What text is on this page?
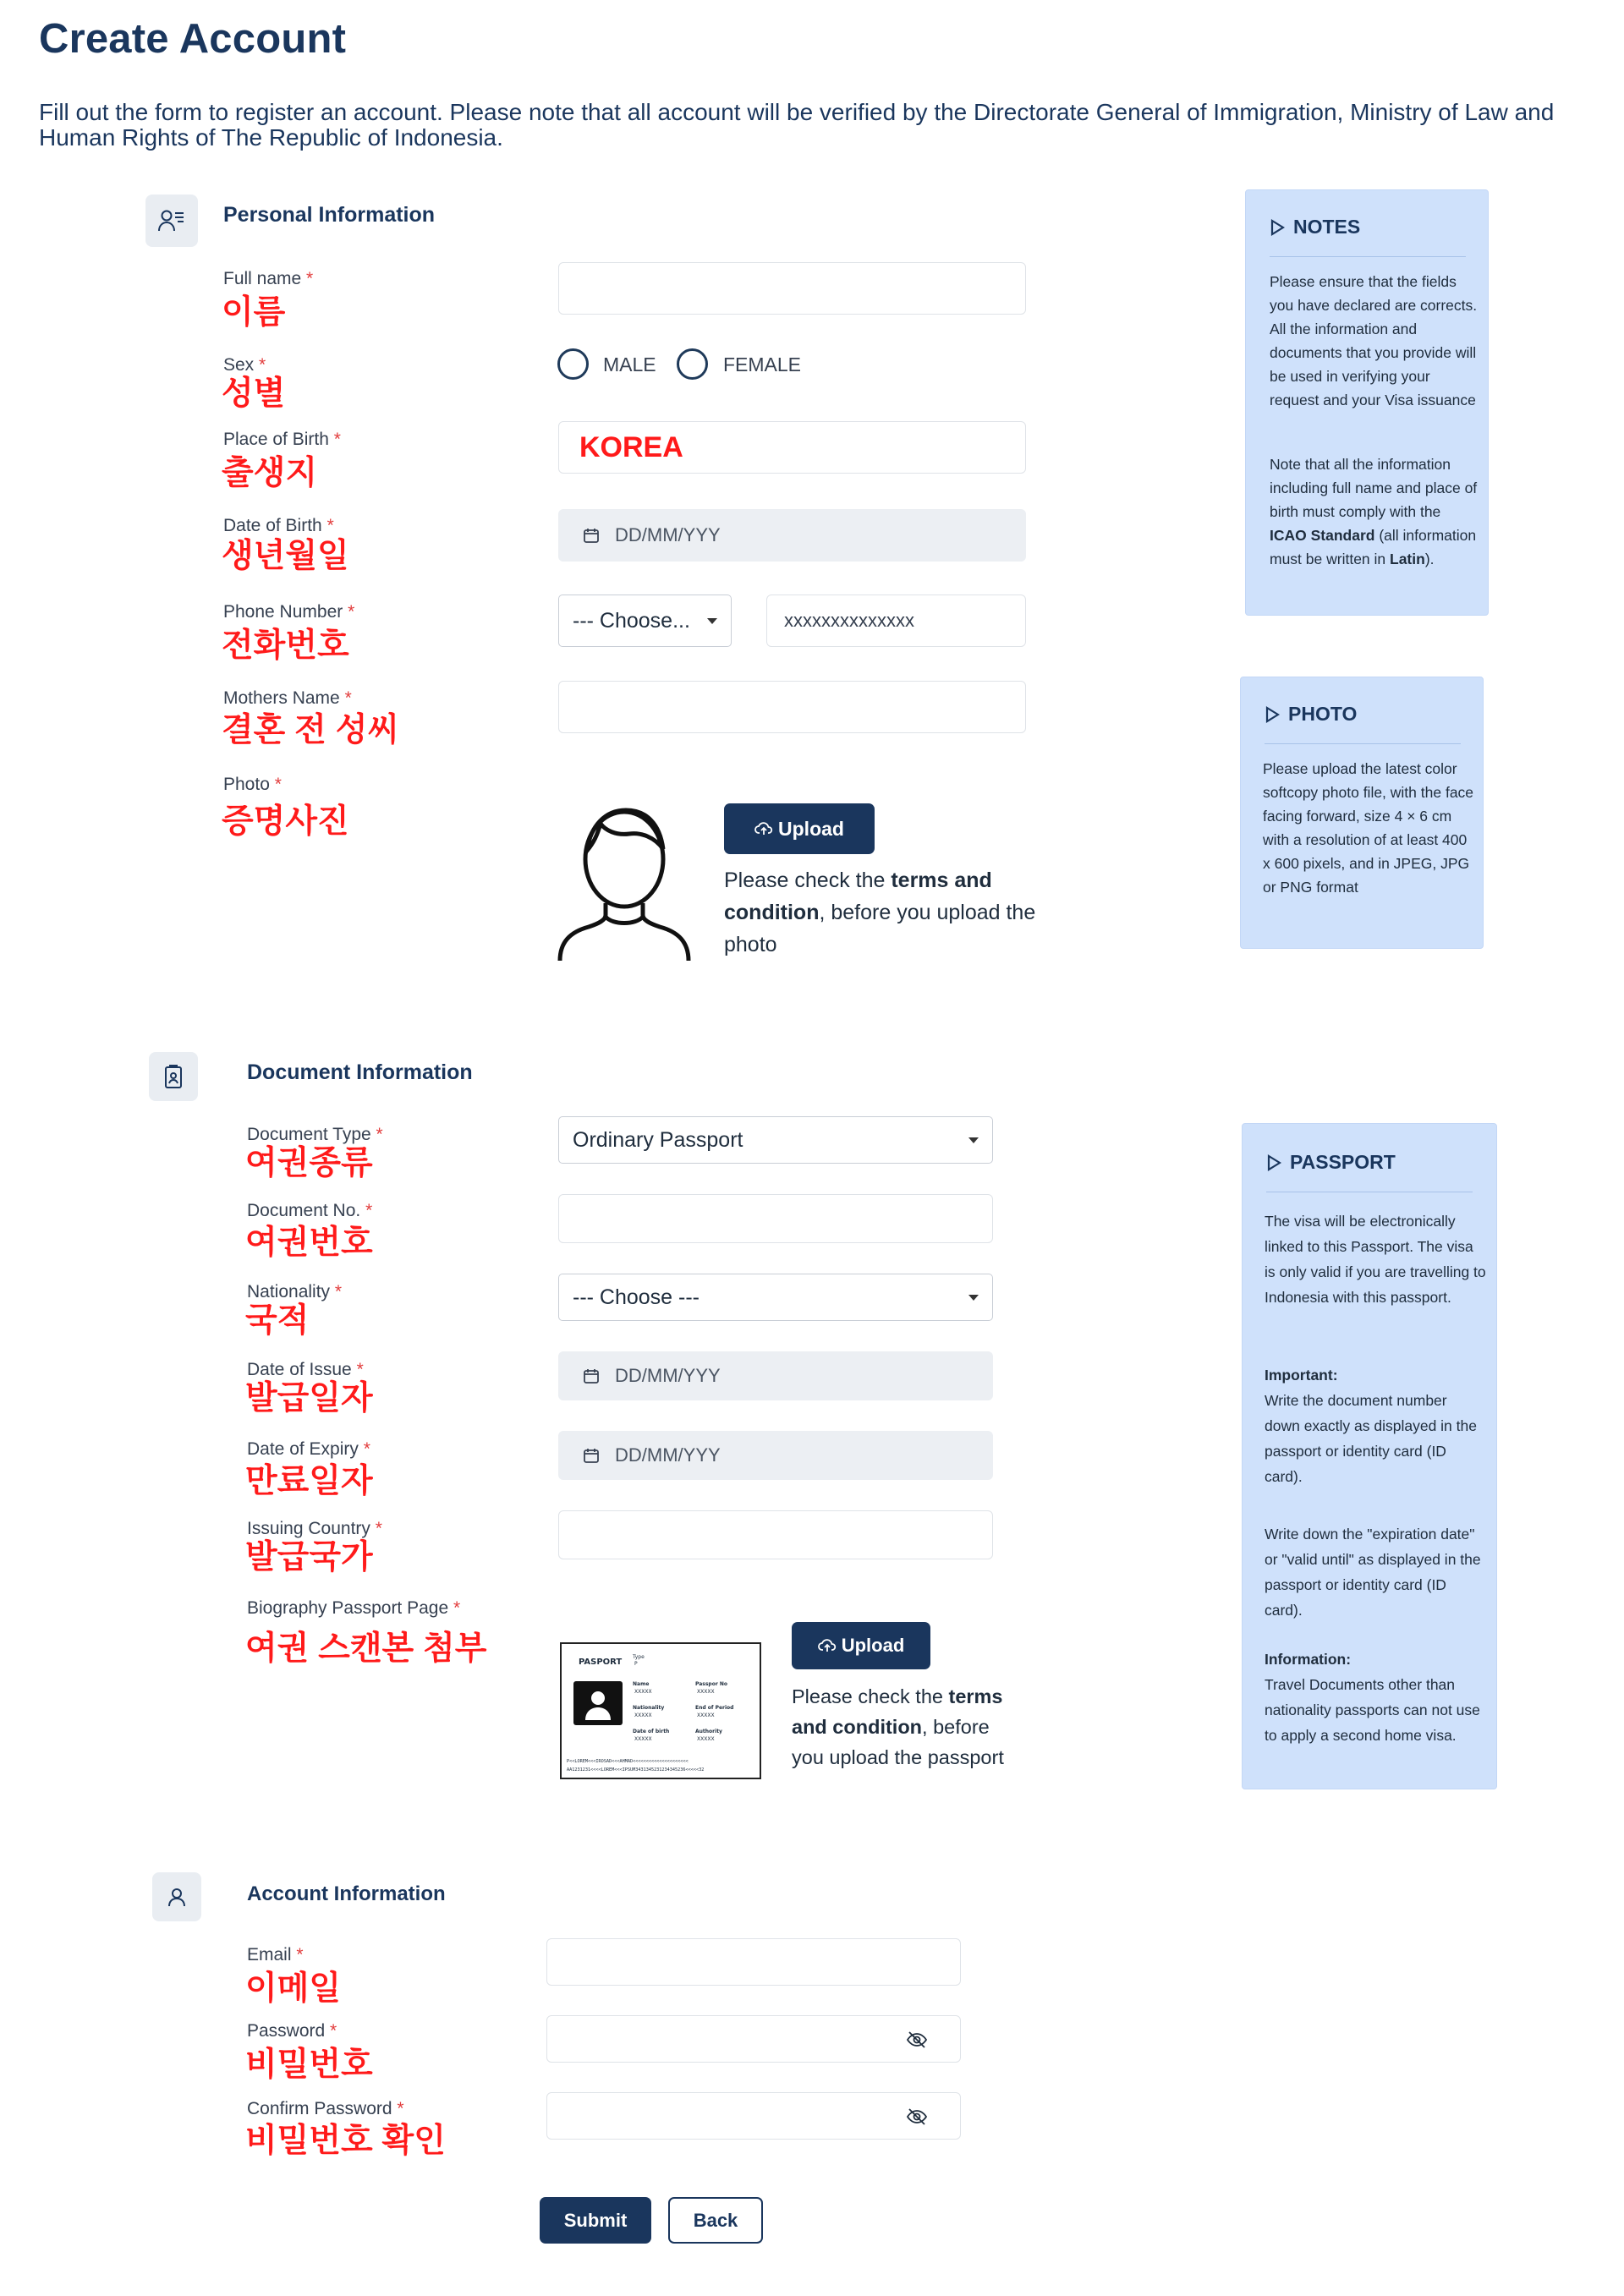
Create Account
Fill out the form to register an account. Please note that all account will be verified by the Directorate General of Immigration, Ministry of Law and Human Rights of The Republic of Indonesia.
Personal Information
Full name *
이름
Sex *
성별
MALE	FEMALE
Place of Birth *
출생지
KOREA
Date of Birth *
생년월일
DD/MM/YYY
Phone Number *
전화번호
--- Choose...	xxxxxxxxxxxxxx
Mothers Name *
결혼 전 성씨
Photo *
증명사진	Upload
Please check the terms and condition, before you upload the photo
Document Information
Document Type *
여권종류
Ordinary Passport
Document No. *
여권번호
Nationality *
국적
--- Choose ---
Date of Issue *
발급일자
DD/MM/YYY
Date of Expiry *
만료일자
DD/MM/YYY
Issuing Country *
발급국가
Biography Passport Page *
여권 스캔본 첨부	PASPORT
Type
P
Name
XXXXX
Passpor No
XXXXX
Nationality
XXXXX
End of Period
XXXXX
Date of birth
XXXXX
Authority
XXXXX
P<<LOREM<<<IROSAD<<<AHMAD<<<<<<<<<<<<<<<<<<<<<
AA1231231<<<<LOREM<<<IPSUM3431345231234345236<<<<<32
Upload
Please check the terms and condition, before you upload the passport
Account Information
Email *
이메일
Password *
비밀번호
Confirm Password *
비밀번호 확인
Submit	Back
NOTES
Please ensure that the fields you have declared are corrects. All the information and documents that you provide will be used in verifying your request and your Visa issuance
Note that all the information including full name and place of birth must comply with the ICAO Standard (all information must be written in Latin).
PHOTO
Please upload the latest color softcopy photo file, with the face facing forward, size 4 × 6 cm with a resolution of at least 400 x 600 pixels, and in JPEG, JPG or PNG format
PASSPORT
The visa will be electronically linked to this Passport. The visa is only valid if you are travelling to Indonesia with this passport.
Important:
Write the document number down exactly as displayed in the passport or identity card (ID card).
Write down the "expiration date" or "valid until" as displayed in the passport or identity card (ID card).
Information:
Travel Documents other than nationality passports can not use to apply a second home visa.
